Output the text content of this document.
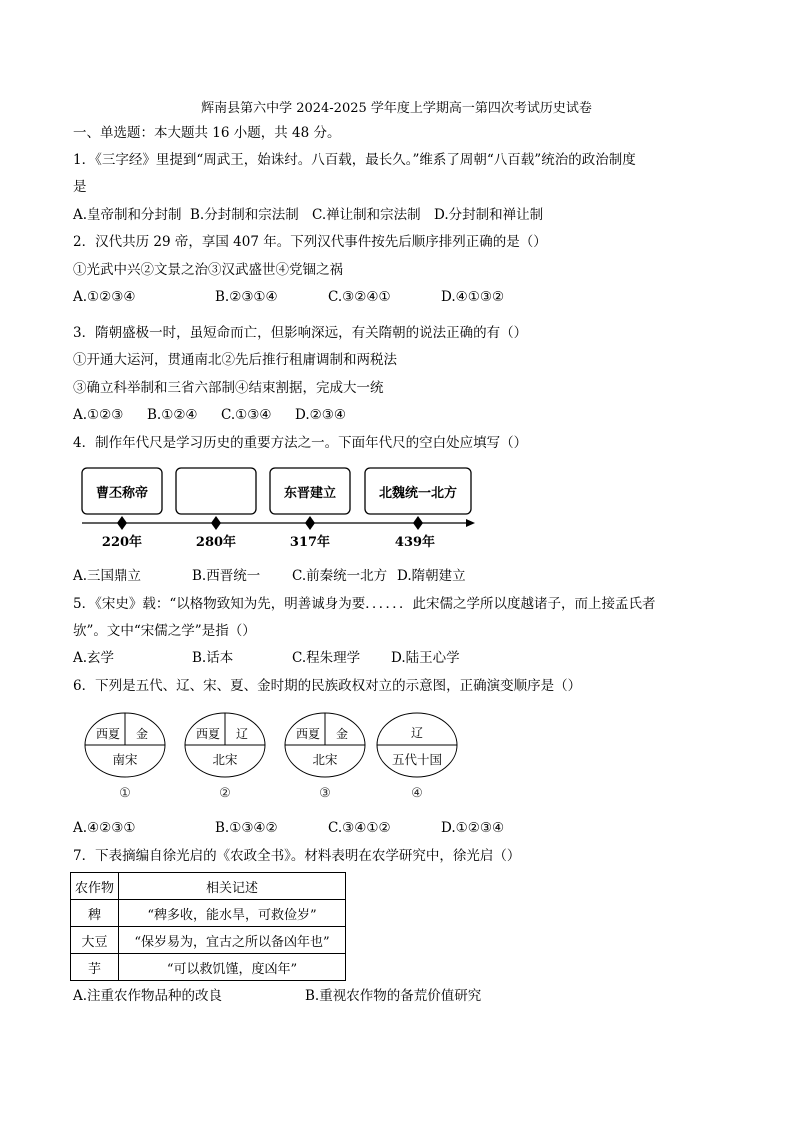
辉南县第六中学 2024-2025 学年度上学期高一第四次考试历史试卷
一、单选题：本大题共 16 小题，共 48 分。
1．《三字经》里提到“周武王，始诛纣。八百载，最长久。”维系了周朝“八百载”统治的政治制度
是
A.皇帝制和分封制 B.分封制和宗法制 C.禅让制和宗法制 D.分封制和禅让制
2．汉代共历 29 帝，享国 407 年。下列汉代事件按先后顺序排列正确的是（）
①光武中兴②文景之治③汉武盛世④党锢之祸
A.①②③④	B.②③①④	C.③②④①	D.④①③②
3．隋朝盛极一时，虽短命而亡，但影响深远，有关隋朝的说法正确的有（）
①开通大运河，贯通南北②先后推行租庸调制和两税法
③确立科举制和三省六部制④结束割据，完成大一统
A.①②③ B.①②④ C.①③④ D.②③④
4．制作年代尺是学习历史的重要方法之一。下面年代尺的空白处应填写（）
曹丕称帝	东晋建立	北魏统一北方
220年	280年	317年	439年
A.三国鼎立	B.西晋统一 C.前秦统一北方 D.隋朝建立
5．《宋史》载：“以格物致知为先，明善诚身为要．．．．．．此宋儒之学所以度越诸子，而上接孟氏者
欤”。文中“宋儒之学”是指（）
A.玄学	B.话本	C.程朱理学 D.陆王心学
6．下列是五代、辽、宋、夏、金时期的民族政权对立的示意图，正确演变顺序是（）
西夏 金
南宋
①
西夏 辽
北宋
②
西夏 金
北宋
③
辽
五代十国
④
A.④②③①	B.①③④②	C.③④①②	D.①②③④
7．下表摘编自徐光启的《农政全书》。材料表明在农学研究中，徐光启（）
农作物	相关记述
稗	“稗多收，能水旱，可救俭岁”
大豆	“保岁易为，宜古之所以备凶年也”
芋	“可以救饥馑，度凶年”
A.注重农作物品种的改良	B.重视农作物的备荒价值研究
